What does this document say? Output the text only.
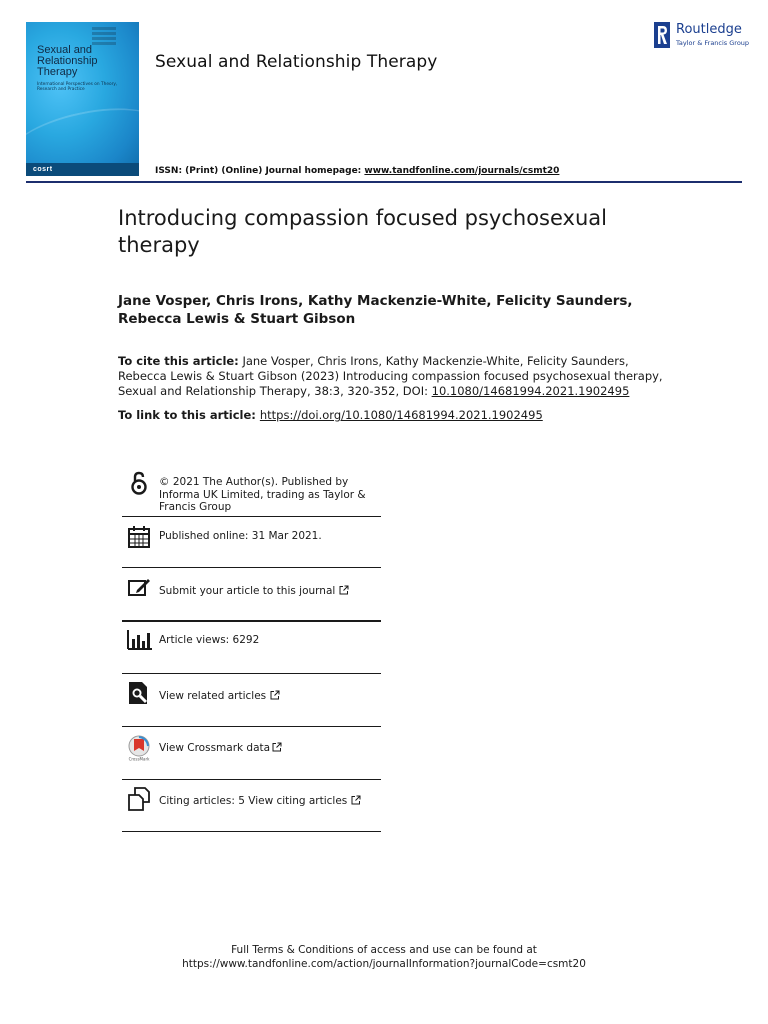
Sexual and Relationship Therapy
International Perspectives on Theory, Research and Practice
cosrt
Sexual and Relationship Therapy
Routledge
Taylor & Francis Group
ISSN: (Print) (Online) Journal homepage: www.tandfonline.com/journals/csmt20
Introducing compassion focused psychosexual therapy
Jane Vosper, Chris Irons, Kathy Mackenzie-White, Felicity Saunders, Rebecca Lewis & Stuart Gibson
To cite this article: Jane Vosper, Chris Irons, Kathy Mackenzie-White, Felicity Saunders, Rebecca Lewis & Stuart Gibson (2023) Introducing compassion focused psychosexual therapy, Sexual and Relationship Therapy, 38:3, 320-352, DOI: 10.1080/14681994.2021.1902495
To link to this article: https://doi.org/10.1080/14681994.2021.1902495
© 2021 The Author(s). Published by Informa UK Limited, trading as Taylor & Francis Group
Published online: 31 Mar 2021.
Submit your article to this journal
Article views: 6292
View related articles
CrossMark
View Crossmark data
Citing articles: 5 View citing articles
Full Terms & Conditions of access and use can be found at
https://www.tandfonline.com/action/journalInformation?journalCode=csmt20
